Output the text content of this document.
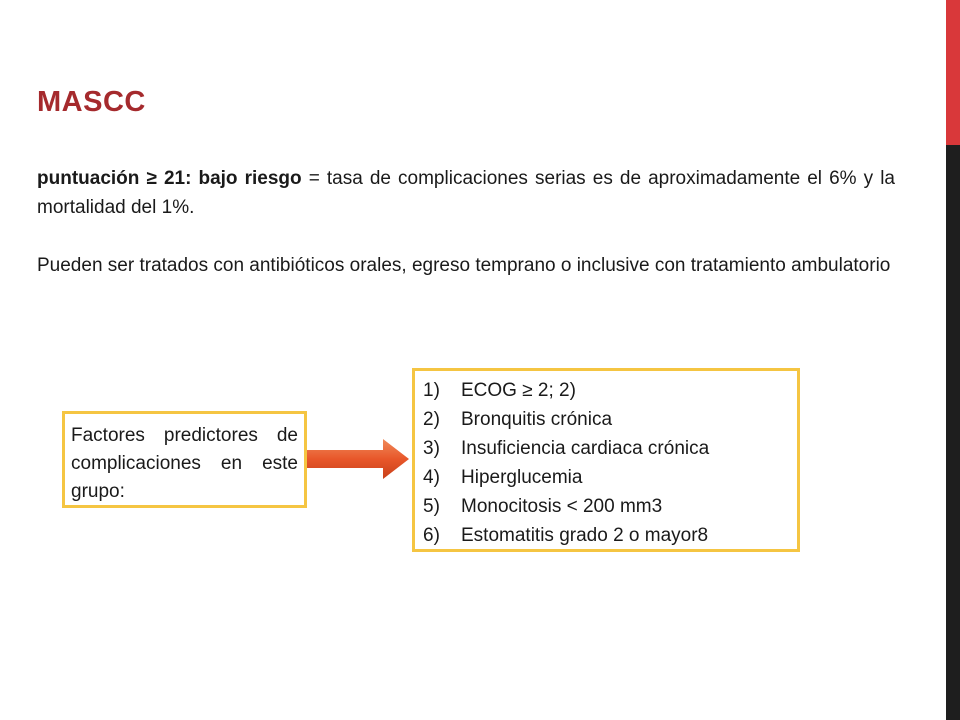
MASCC

puntuación ≥ 21: bajo riesgo = tasa de complicaciones serias es de aproximadamente el 6% y la mortalidad del 1%.

Pueden ser tratados con antibióticos orales, egreso temprano o inclusive con tratamiento ambulatorio

Factores predictores de complicaciones en este grupo:
1)	ECOG ≥ 2; 2)
2)	Bronquitis crónica
3)	Insuficiencia cardiaca crónica
4)	Hiperglucemia
5)	Monocitosis < 200 mm3
6)	Estomatitis grado 2 o mayor8
